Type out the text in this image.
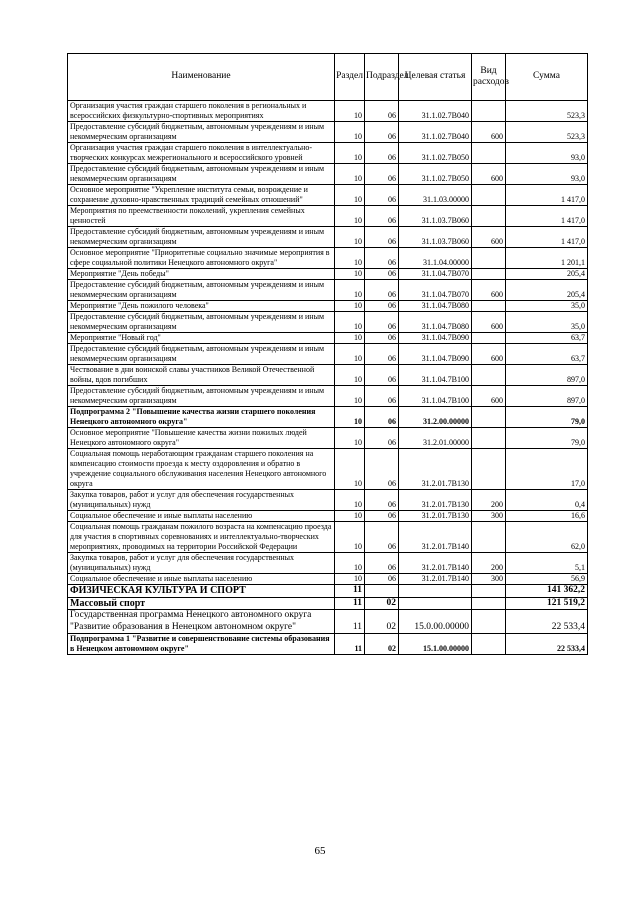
Наименование	Раздел	Подраздел	Целевая статья	Вид расходов	Сумма
Организация участия граждан старшего поколения в региональных и всероссийских физкультурно-спортивных мероприятиях	10	06	31.1.02.7В040		523,3
Предоставление субсидий бюджетным, автономным учреждениям и иным некоммерческим организациям	10	06	31.1.02.7В040	600	523,3
Организация участия граждан старшего поколения в интеллектуально-творческих конкурсах межрегионального и всероссийского уровней	10	06	31.1.02.7В050		93,0
Предоставление субсидий бюджетным, автономным учреждениям и иным некоммерческим организациям	10	06	31.1.02.7В050	600	93,0
Основное мероприятие "Укрепление института семьи, возрождение и сохранение духовно-нравственных традиций семейных отношений"	10	06	31.1.03.00000		1 417,0
Мероприятия по преемственности поколений, укрепления семейных ценностей	10	06	31.1.03.7В060		1 417,0
Предоставление субсидий бюджетным, автономным учреждениям и иным некоммерческим организациям	10	06	31.1.03.7В060	600	1 417,0
Основное мероприятие "Приоритетные социально значимые мероприятия в сфере социальной политики Ненецкого автономного округа"	10	06	31.1.04.00000		1 201,1
Мероприятие "День победы"	10	06	31.1.04.7В070		205,4
Предоставление субсидий бюджетным, автономным учреждениям и иным некоммерческим организациям	10	06	31.1.04.7В070	600	205,4
Мероприятие "День пожилого человека"	10	06	31.1.04.7В080		35,0
Предоставление субсидий бюджетным, автономным учреждениям и иным некоммерческим организациям	10	06	31.1.04.7В080	600	35,0
Мероприятие "Новый год"	10	06	31.1.04.7В090		63,7
Предоставление субсидий бюджетным, автономным учреждениям и иным некоммерческим организациям	10	06	31.1.04.7В090	600	63,7
Чествование в дни воинской славы участников Великой Отечественной войны, вдов погибших	10	06	31.1.04.7В100		897,0
Предоставление субсидий бюджетным, автономным учреждениям и иным некоммерческим организациям	10	06	31.1.04.7В100	600	897,0
Подпрограмма 2 "Повышение качества жизни старшего поколения Ненецкого автономного округа"	10	06	31.2.00.00000		79,0
Основное мероприятие "Повышение качества жизни пожилых людей Ненецкого автономного округа"	10	06	31.2.01.00000		79,0
Социальная помощь неработающим гражданам старшего поколения на компенсацию стоимости проезда к месту оздоровления и обратно в учреждение социального обслуживания населения Ненецкого автономного округа	10	06	31.2.01.7В130		17,0
Закупка товаров, работ и услуг для обеспечения государственных (муниципальных) нужд	10	06	31.2.01.7В130	200	0,4
Социальное обеспечение и иные выплаты населению	10	06	31.2.01.7В130	300	16,6
Социальная помощь гражданам пожилого возраста на компенсацию проезда для участия в спортивных соревнованиях и интеллектуально-творческих мероприятиях, проводимых на территории Российской Федерации	10	06	31.2.01.7В140		62,0
Закупка товаров, работ и услуг для обеспечения государственных (муниципальных) нужд	10	06	31.2.01.7В140	200	5,1
Социальное обеспечение и иные выплаты населению	10	06	31.2.01.7В140	300	56,9
ФИЗИЧЕСКАЯ КУЛЬТУРА И СПОРТ	11				141 362,2
Массовый спорт	11	02			121 519,2
Государственная программа Ненецкого автономного округа "Развитие образования в Ненецком автономном округе"	11	02	15.0.00.00000		22 533,4
Подпрограмма 1 "Развитие и совершенствование системы образования в Ненецком автономном округе"	11	02	15.1.00.00000		22 533,4
65
